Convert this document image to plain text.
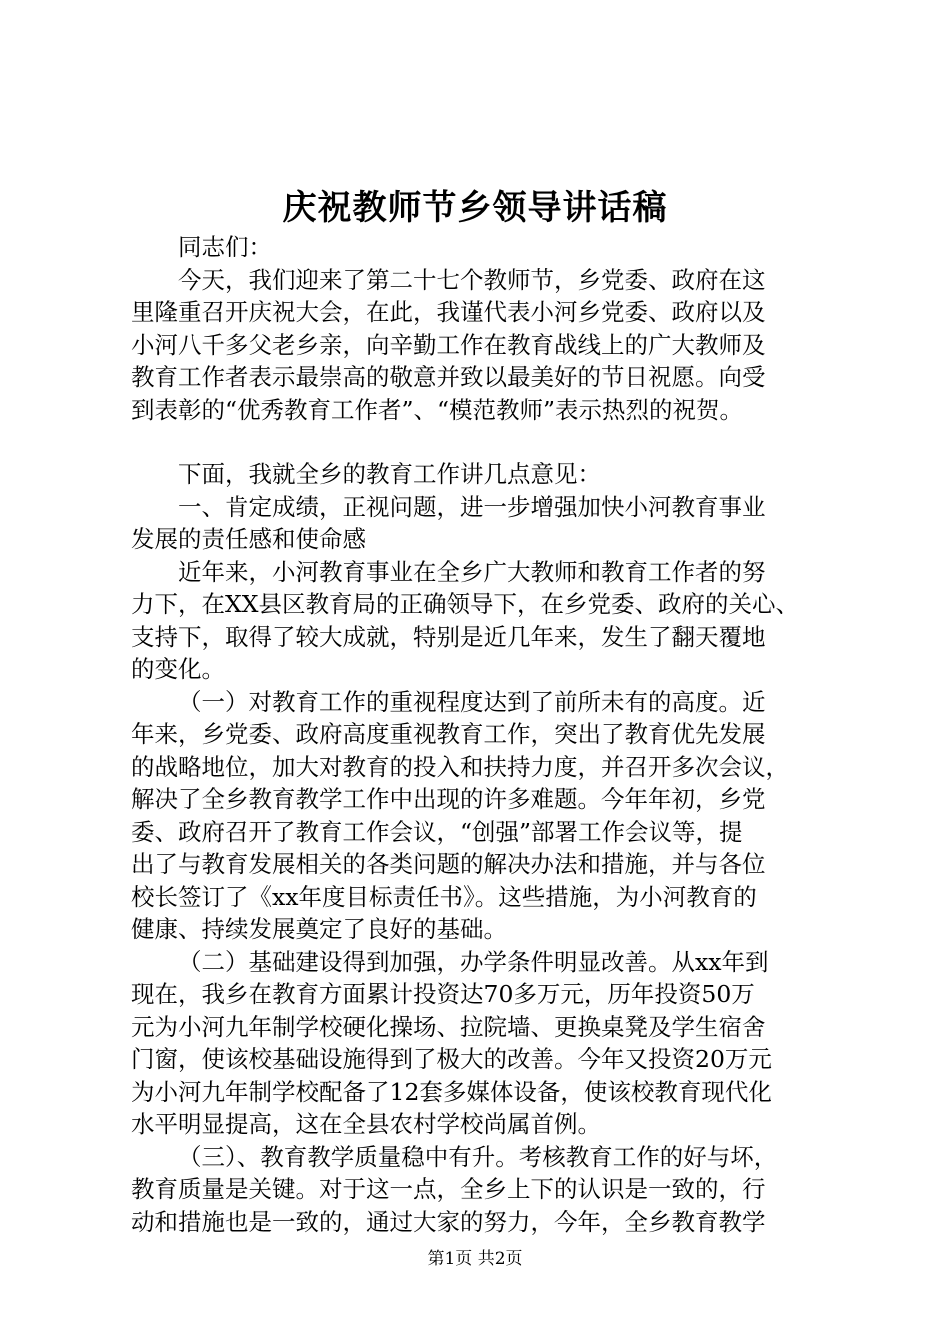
庆祝教师节乡领导讲话稿
同志们：
今天，我们迎来了第二十七个教师节，乡党委、政府在这
里隆重召开庆祝大会，在此，我谨代表小河乡党委、政府以及
小河八千多父老乡亲，向辛勤工作在教育战线上的广大教师及
教育工作者表示最崇高的敬意并致以最美好的节日祝愿。向受
到表彰的“优秀教育工作者”、“模范教师”表示热烈的祝贺。
下面，我就全乡的教育工作讲几点意见：
一、肯定成绩，正视问题，进一步增强加快小河教育事业
发展的责任感和使命感
近年来，小河教育事业在全乡广大教师和教育工作者的努
力下，在XX县区教育局的正确领导下，在乡党委、政府的关心、
支持下，取得了较大成就，特别是近几年来，发生了翻天覆地
的变化。
（一）对教育工作的重视程度达到了前所未有的高度。近
年来，乡党委、政府高度重视教育工作，突出了教育优先发展
的战略地位，加大对教育的投入和扶持力度，并召开多次会议，
解决了全乡教育教学工作中出现的许多难题。今年年初，乡党
委、政府召开了教育工作会议，“创强”部署工作会议等，提
出了与教育发展相关的各类问题的解决办法和措施，并与各位
校长签订了《xx年度目标责任书》。这些措施，为小河教育的
健康、持续发展奠定了良好的基础。
（二）基础建设得到加强，办学条件明显改善。从xx年到
现在，我乡在教育方面累计投资达70多万元，历年投资50万
元为小河九年制学校硬化操场、拉院墙、更换桌凳及学生宿舍
门窗，使该校基础设施得到了极大的改善。今年又投资20万元
为小河九年制学校配备了12套多媒体设备，使该校教育现代化
水平明显提高，这在全县农村学校尚属首例。
（三）、教育教学质量稳中有升。考核教育工作的好与坏，
教育质量是关键。对于这一点，全乡上下的认识是一致的，行
动和措施也是一致的，通过大家的努力，今年，全乡教育教学
第1页 共2页
